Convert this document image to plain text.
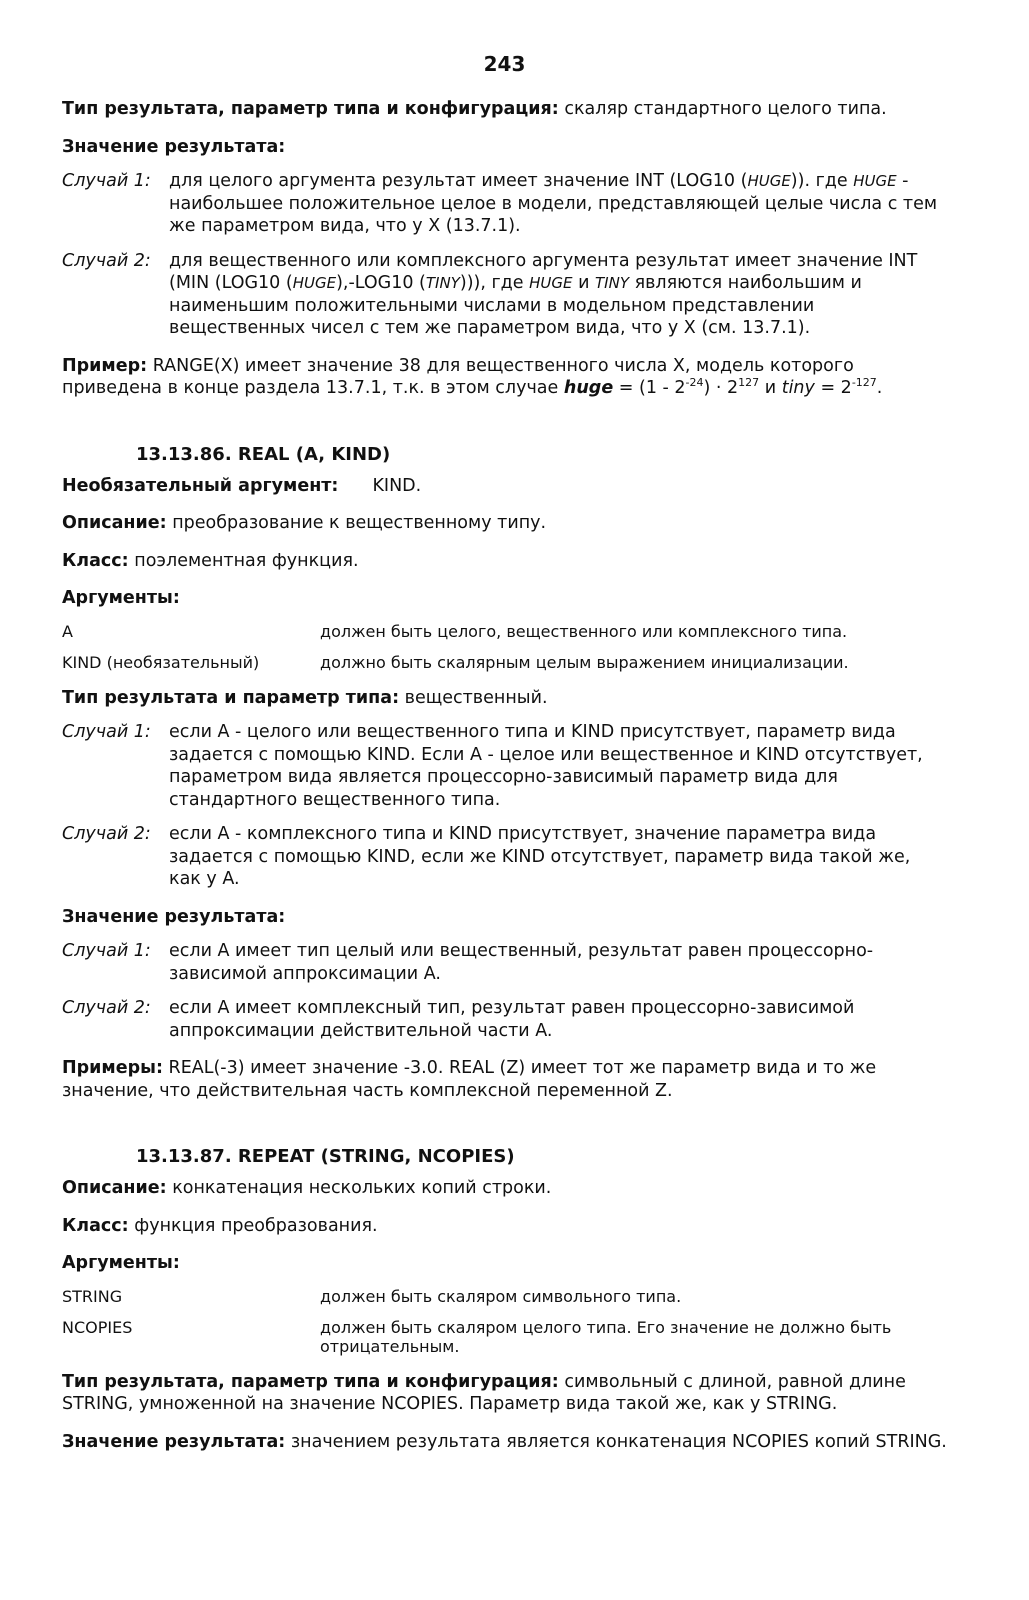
243

Тип результата, параметр типа и конфигурация: скаляр стандартного целого типа.

Значение результата:

Случай 1:	для целого аргумента результат имеет значение INT (LOG10 (HUGE)). где HUGE - наибольшее положительное целое в модели, представляющей целые числа с тем же параметром вида, что у X (13.7.1).
Случай 2:	для вещественного или комплексного аргумента результат имеет значение INT (MIN (LOG10 (HUGE),-LOG10 (TINY))), где HUGE и TINY являются наибольшим и наименьшим положительными числами в модельном представлении вещественных чисел с тем же параметром вида, что у X (см. 13.7.1).

Пример: RANGE(X) имеет значение 38 для вещественного числа X, модель которого приведена в конце раздела 13.7.1, т.к. в этом случае huge = $(1 - 2^{-24}) \cdot 2^{127}$ и tiny = $2^{-127}$.

13.13.86. REAL (A, KIND)

Необязательный аргумент: KIND.

Описание: преобразование к вещественному типу.

Класс: поэлементная функция.

Аргументы:

A	должен быть целого, вещественного или комплексного типа.
KIND (необязательный)	должно быть скалярным целым выражением инициализации.

Тип результата и параметр типа: вещественный.

Случай 1:	если A - целого или вещественного типа и KIND присутствует, параметр вида задается с помощью KIND. Если A - целое или вещественное и KIND отсутствует, параметром вида является процессорно-зависимый параметр вида для стандартного вещественного типа.
Случай 2:	если A - комплексного типа и KIND присутствует, значение параметра вида задается с помощью KIND, если же KIND отсутствует, параметр вида такой же, как у A.

Значение результата:

Случай 1:	если A имеет тип целый или вещественный, результат равен процессорно-зависимой аппроксимации A.
Случай 2:	если A имеет комплексный тип, результат равен процессорно-зависимой аппроксимации действительной части A.

Примеры: REAL(-3) имеет значение -3.0. REAL (Z) имеет тот же параметр вида и то же значение, что действительная часть комплексной переменной Z.

13.13.87. REPEAT (STRING, NCOPIES)

Описание: конкатенация нескольких копий строки.

Класс: функция преобразования.

Аргументы:

STRING	должен быть скаляром символьного типа.
NCOPIES	должен быть скаляром целого типа. Его значение не должно быть отрицательным.

Тип результата, параметр типа и конфигурация: символьный с длиной, равной длине STRING, умноженной на значение NCOPIES. Параметр вида такой же, как у STRING.

Значение результата: значением результата является конкатенация NCOPIES копий STRING.
